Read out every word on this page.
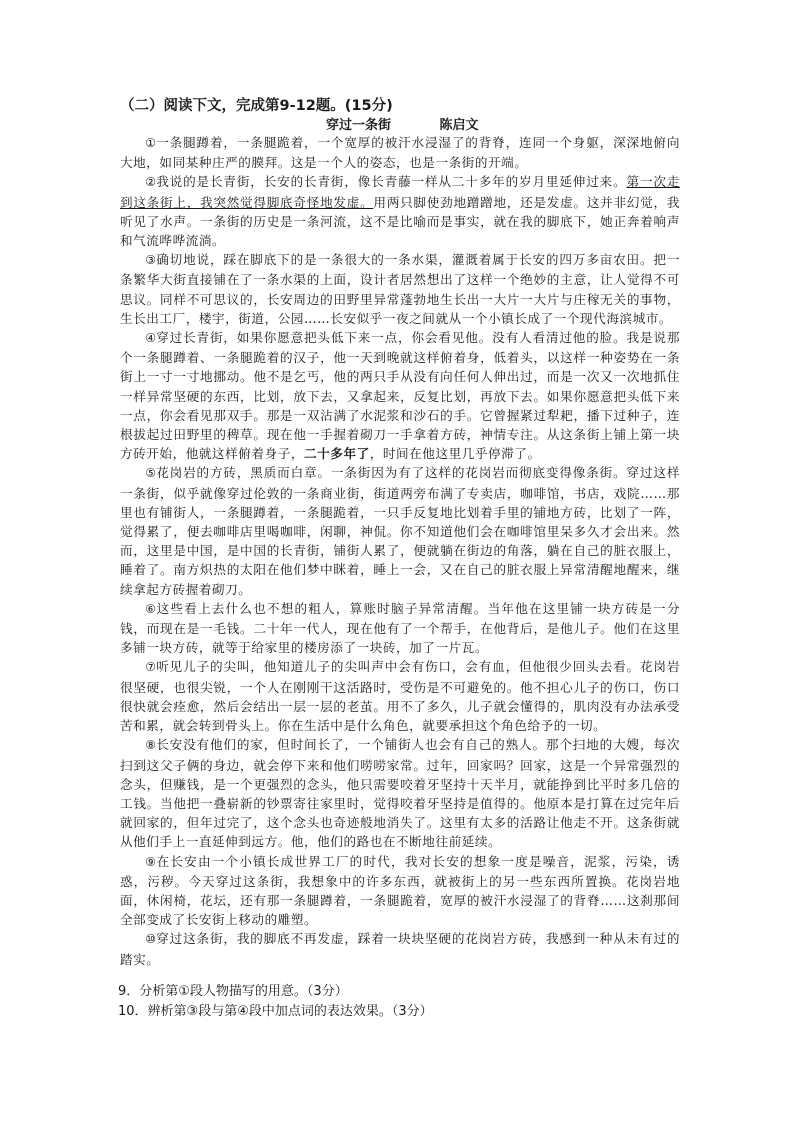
（二）阅读下文，完成第9-12题。(15分)
穿过一条街	陈启文

①一条腿蹲着，一条腿跪着，一个宽厚的被汗水浸湿了的背脊，连同一个身躯，深深地俯向大地，如同某种庄严的膜拜。这是一个人的姿态，也是一条街的开端。

②我说的是长青街，长安的长青街，像长青藤一样从二十多年的岁月里延伸过来。第一次走到这条街上，我突然觉得脚底奇怪地发虚。用两只脚使劲地蹭蹭地，还是发虚。这并非幻觉，我听见了水声。一条街的历史是一条河流，这不是比喻而是事实，就在我的脚底下，她正奔着响声和气流哗哗流淌。

③确切地说，踩在脚底下的是一条很大的一条水渠，灌溉着属于长安的四万多亩农田。把一条繁华大街直接铺在了一条水渠的上面，设计者居然想出了这样一个绝妙的主意，让人觉得不可思议。同样不可思议的，长安周边的田野里异常蓬勃地生长出一大片一大片与庄稼无关的事物，生长出工厂，楼宇，街道，公园……长安似乎一夜之间就从一个小镇长成了一个现代海滨城市。

④穿过长青街，如果你愿意把头低下来一点，你会看见他。没有人看清过他的脸。我是说那个一条腿蹲着、一条腿跪着的汉子，他一天到晚就这样俯着身，低着头，以这样一种姿势在一条街上一寸一寸地挪动。他不是乞丐，他的两只手从没有向任何人伸出过，而是一次又一次地抓住一样异常坚硬的东西，比划，放下去，又拿起来，反复比划，再放下去。如果你愿意把头低下来一点，你会看见那双手。那是一双沾满了水泥浆和沙石的手。它曾握紧过犁耙，播下过种子，连根拔起过田野里的稗草。现在他一手握着砌刀一手拿着方砖，神情专注。从这条街上铺上第一块方砖开始，他就这样俯着身子，二十多年了，时间在他这里几乎停滞了。

⑤花岗岩的方砖，黑质而白章。一条街因为有了这样的花岗岩而彻底变得像条街。穿过这样一条街，似乎就像穿过伦敦的一条商业街，街道两旁布满了专卖店，咖啡馆，书店，戏院……那里也有铺街人，一条腿蹲着，一条腿跪着，一只手反复地比划着手里的铺地方砖，比划了一阵，觉得累了，便去咖啡店里喝咖啡，闲聊，神侃。你不知道他们会在咖啡馆里呆多久才会出来。然而，这里是中国，是中国的长青街，铺街人累了，便就躺在街边的角落，躺在自己的脏衣服上，睡着了。南方炽热的太阳在他们梦中眯着，睡上一会，又在自己的脏衣服上异常清醒地醒来，继续拿起方砖握着砌刀。

⑥这些看上去什么也不想的粗人，算账时脑子异常清醒。当年他在这里铺一块方砖是一分钱，而现在是一毛钱。二十年一代人，现在他有了一个帮手，在他背后，是他儿子。他们在这里多铺一块方砖，就等于给家里的楼房添了一块砖，加了一片瓦。

⑦听见儿子的尖叫，他知道儿子的尖叫声中会有伤口，会有血，但他很少回头去看。花岗岩很坚硬，也很尖锐，一个人在刚刚干这活路时，受伤是不可避免的。他不担心儿子的伤口，伤口很快就会痊愈，然后会结出一层一层的老茧。用不了多久，儿子就会懂得的，肌肉没有办法承受苦和累，就会转到骨头上。你在生活中是什么角色，就要承担这个角色给予的一切。

⑧长安没有他们的家，但时间长了，一个铺街人也会有自己的熟人。那个扫地的大嫂，每次扫到这父子俩的身边，就会停下来和他们唠唠家常。过年，回家吗？回家，这是一个异常强烈的念头，但赚钱，是一个更强烈的念头，他只需要咬着牙坚持十天半月，就能挣到比平时多几倍的工钱。当他把一叠崭新的钞票寄往家里时，觉得咬着牙坚持是值得的。他原本是打算在过完年后就回家的，但年过完了，这个念头也奇迹般地消失了。这里有太多的活路让他走不开。这条街就从他们手上一直延伸到远方。他，他们的路也在不断地往前延续。

⑨在长安由一个小镇长成世界工厂的时代，我对长安的想象一度是噪音，泥浆，污染，诱惑，污秽。今天穿过这条街，我想象中的许多东西，就被街上的另一些东西所置换。花岗岩地面，休闲椅，花坛，还有那一条腿蹲着，一条腿跪着，宽厚的被汗水浸湿了的背脊……这刹那间全部变成了长安街上移动的雕塑。

⑩穿过这条街，我的脚底不再发虚，踩着一块块坚硬的花岗岩方砖，我感到一种从未有过的踏实。

9．分析第①段人物描写的用意。（3分）
10．辨析第③段与第④段中加点词的表达效果。（3分）
